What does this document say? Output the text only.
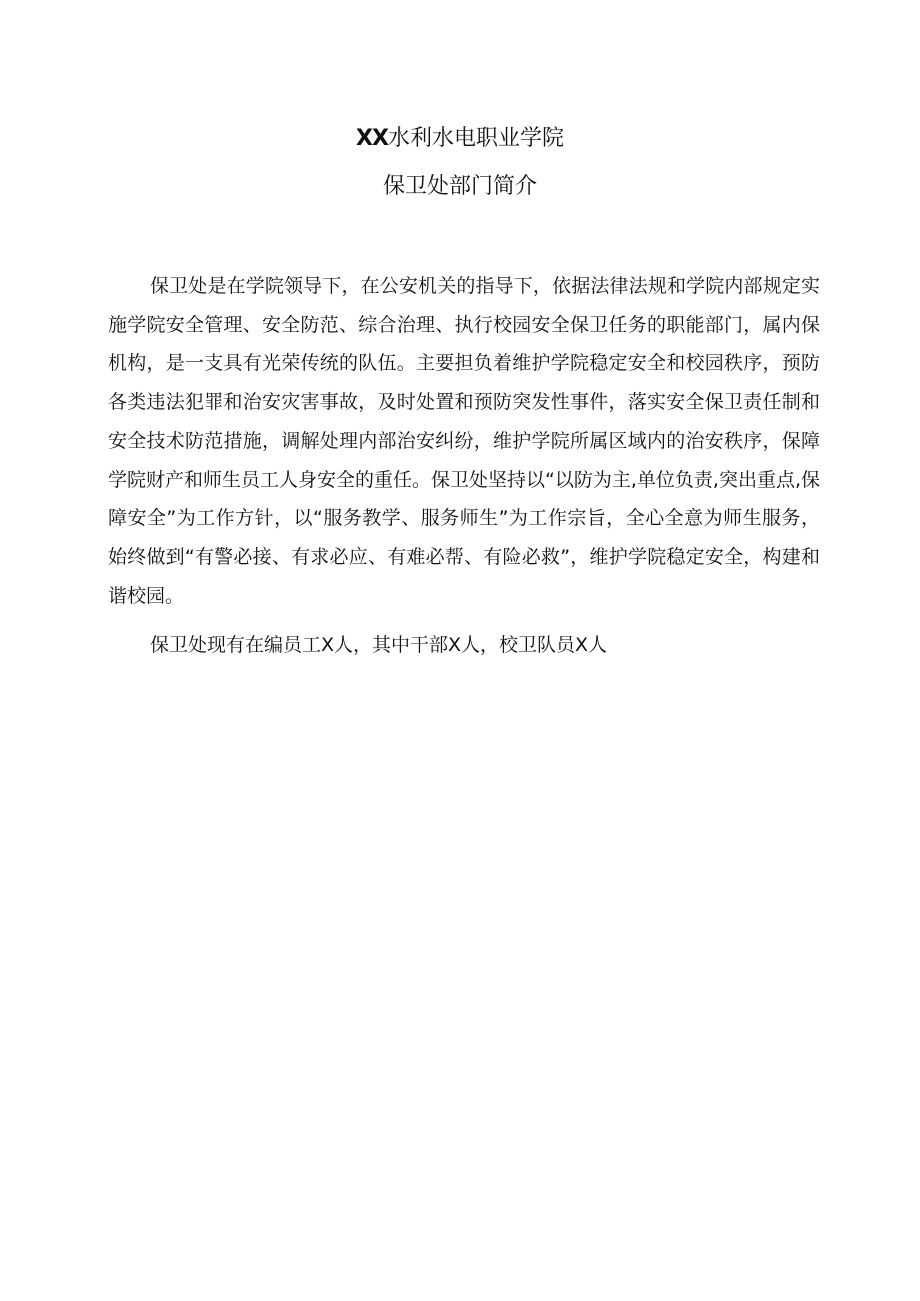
XX水利水电职业学院
保卫处部门简介

保卫处是在学院领导下，在公安机关的指导下，依据法律法规和学院内部规定实施学院安全管理、安全防范、综合治理、执行校园安全保卫任务的职能部门，属内保机构，是一支具有光荣传统的队伍。主要担负着维护学院稳定安全和校园秩序，预防各类违法犯罪和治安灾害事故，及时处置和预防突发性事件，落实安全保卫责任制和安全技术防范措施，调解处理内部治安纠纷，维护学院所属区域内的治安秩序，保障学院财产和师生员工人身安全的重任。保卫处坚持以“以防为主,单位负责,突出重点,保障安全”为工作方针，以“服务教学、服务师生”为工作宗旨，全心全意为师生服务，始终做到“有警必接、有求必应、有难必帮、有险必救”，维护学院稳定安全，构建和谐校园。

保卫处现有在编员工X人，其中干部X人，校卫队员X人
